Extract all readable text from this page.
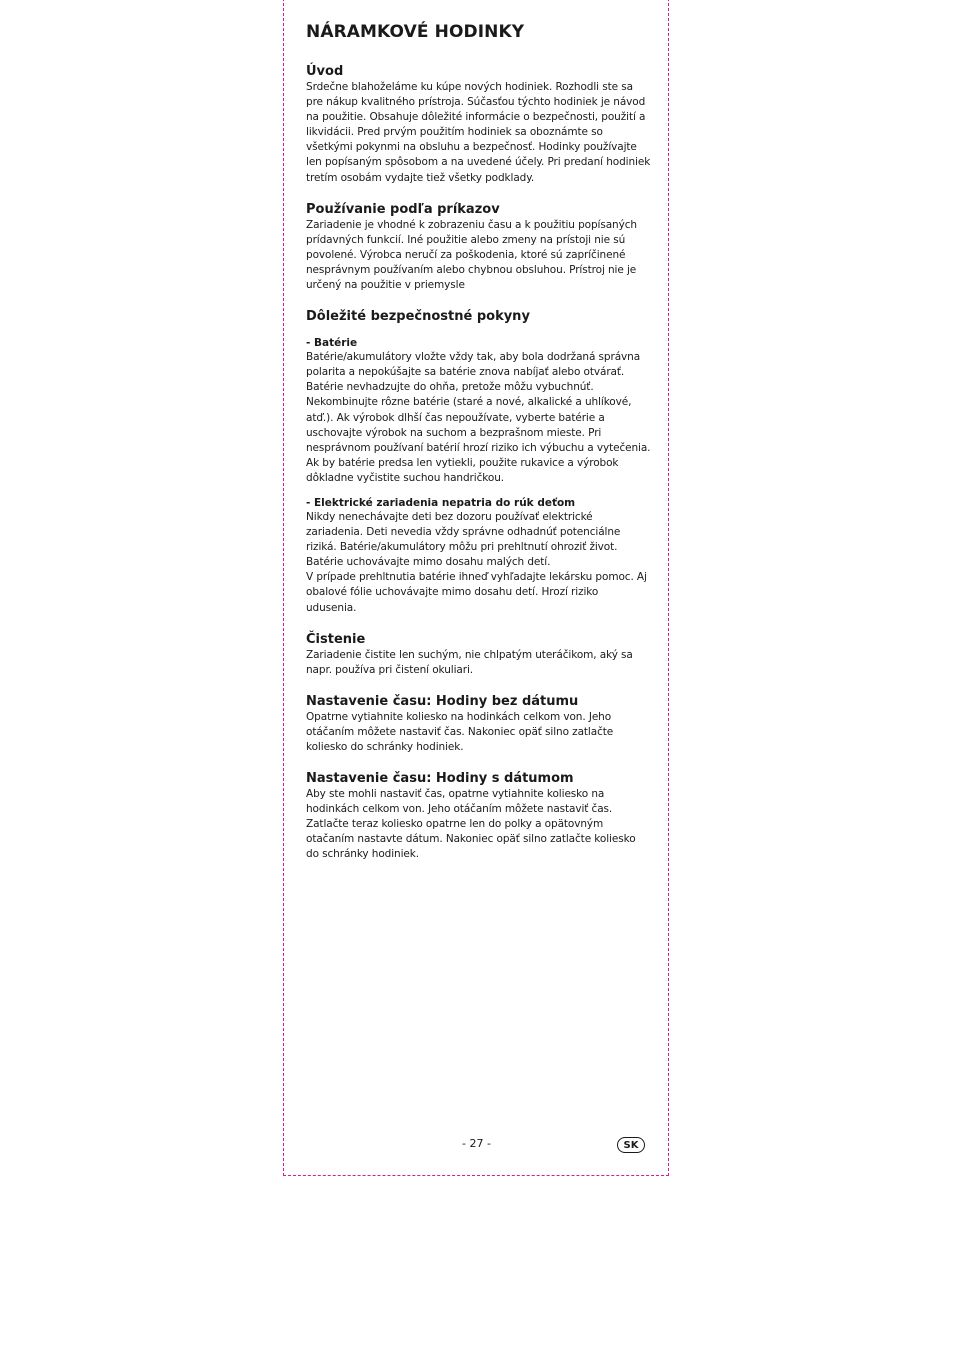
NÁRAMKOVÉ HODINKY
Úvod

Srdečne blahoželáme ku kúpe nových hodiniek. Rozhodli ste sa pre nákup kvalitného prístroja. Súčasťou týchto hodiniek je návod na použitie. Obsahuje dôležité informácie o bezpečnosti, použití a likvidácii. Pred prvým použitím hodiniek sa oboznámte so všetkými pokynmi na obsluhu a bezpečnosť. Hodinky používajte len popísaným spôsobom a na uvedené účely. Pri predaní hodiniek tretím osobám vydajte tiež všetky podklady.

Používanie podľa príkazov

Zariadenie je vhodné k zobrazeniu času a k použitiu popísaných prídavných funkcií. Iné použitie alebo zmeny na prístoji nie sú povolené. Výrobca neručí za poškodenia, ktoré sú zapríčinené nesprávnym používaním alebo chybnou obsluhou. Prístroj nie je určený na použitie v priemysle

Dôležité bezpečnostné pokyny
- Batérie

Batérie/akumulátory vložte vždy tak, aby bola dodržaná správna polarita a nepokúšajte sa batérie znova nabíjať alebo otvárať. Batérie nevhadzujte do ohňa, pretože môžu vybuchnúť. Nekombinujte rôzne batérie (staré a nové, alkalické a uhlíkové, atď.). Ak výrobok dlhší čas nepoužívate, vyberte batérie a uschovajte výrobok na suchom a bezprašnom mieste. Pri nesprávnom používaní batérií hrozí riziko ich výbuchu a vytečenia. Ak by batérie predsa len vytiekli, použite rukavice a výrobok dôkladne vyčistite suchou handričkou.

- Elektrické zariadenia nepatria do rúk deťom

Nikdy nenechávajte deti bez dozoru používať elektrické zariadenia. Deti nevedia vždy správne odhadnúť potenciálne riziká. Batérie/akumulátory môžu pri prehltnutí ohroziť život. Batérie uchovávajte mimo dosahu malých detí.

V prípade prehltnutia batérie ihneď vyhľadajte lekársku pomoc. Aj obalové fólie uchovávajte mimo dosahu detí. Hrozí riziko udusenia.

Čistenie

Zariadenie čistite len suchým, nie chlpatým uteráčikom, aký sa napr. používa pri čistení okuliari.

Nastavenie času: Hodiny bez dátumu

Opatrne vytiahnite koliesko na hodinkách celkom von. Jeho otáčaním môžete nastaviť čas. Nakoniec opäť silno zatlačte koliesko do schránky hodiniek.

Nastavenie času: Hodiny s dátumom

Aby ste mohli nastaviť čas, opatrne vytiahnite koliesko na hodinkách celkom von. Jeho otáčaním môžete nastaviť čas. Zatlačte teraz koliesko opatrne len do polky a opätovným otačaním nastavte dátum. Nakoniec opäť silno zatlačte koliesko do schránky hodiniek.

- 27 -	SK
